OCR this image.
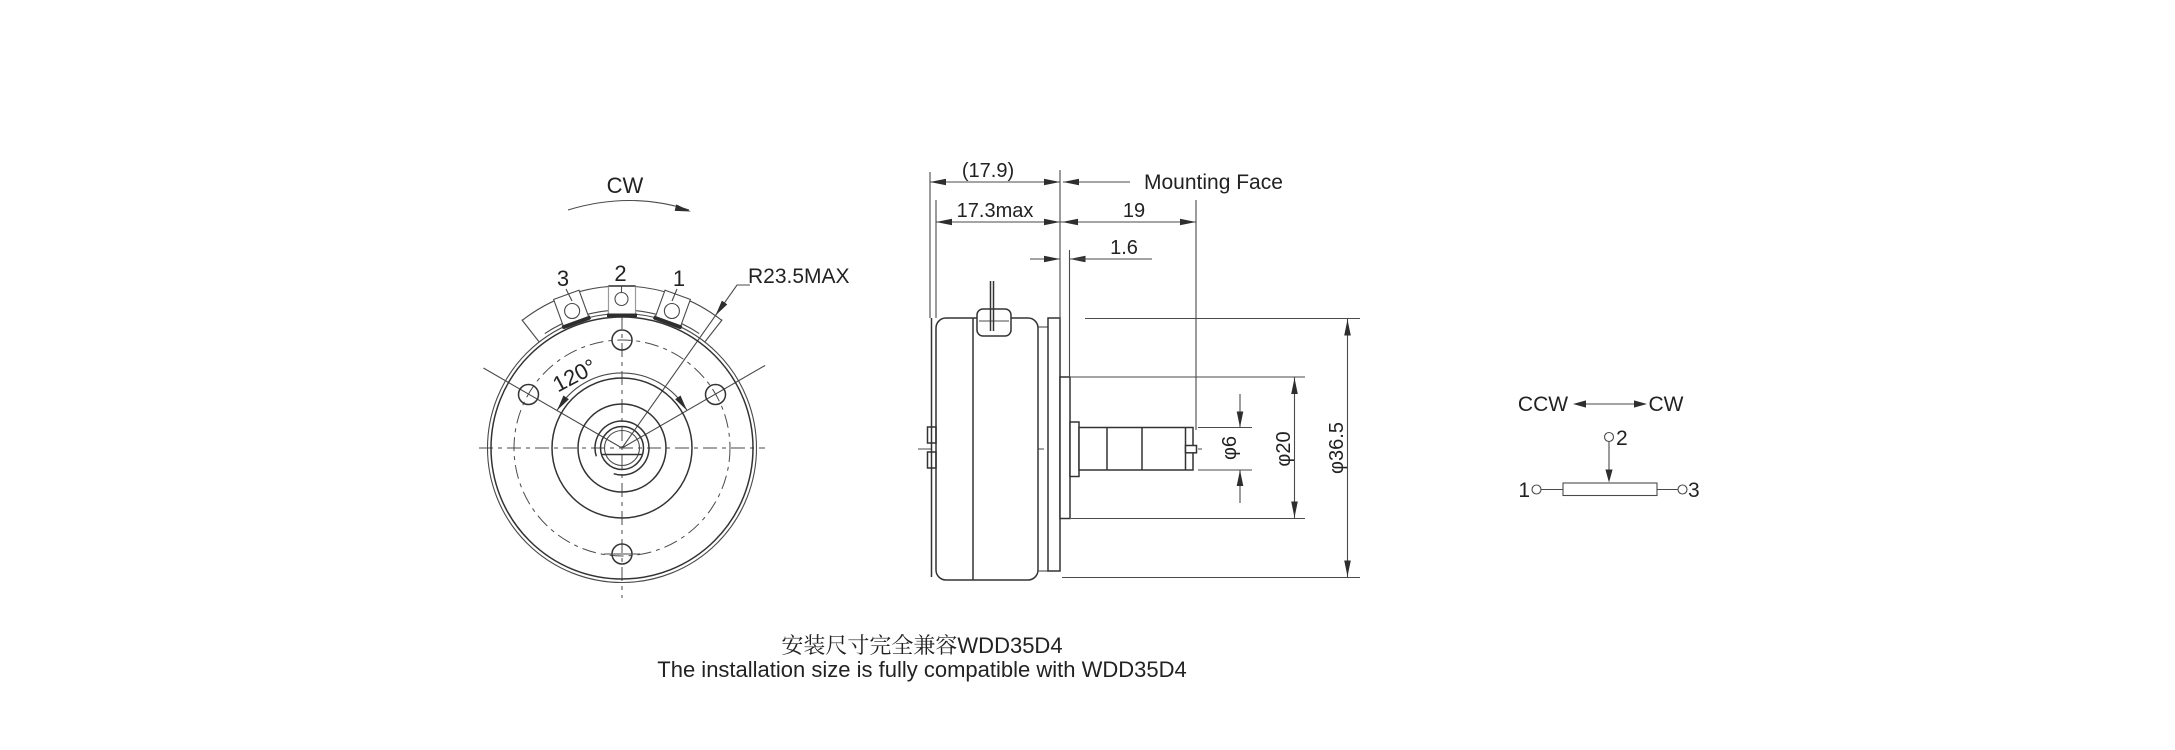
120°
3 2 1
CW
R23.5MAX
(17.9)
17.3max	19
1.6
Mounting Face
φ6 φ20 φ36.5
CCW	CW
2
1	3
安装尺寸完全兼容WDD35D4
The installation size is fully compatible with WDD35D4
